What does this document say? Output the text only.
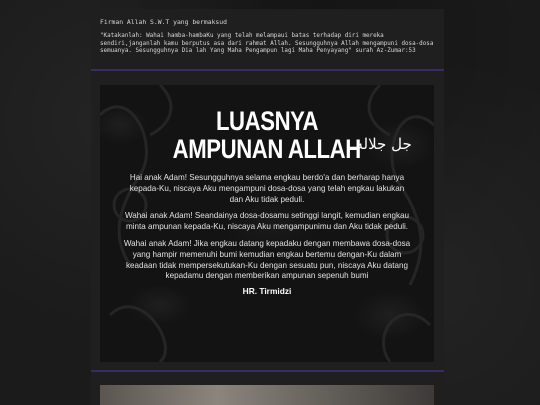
Firman Allah S.W.T yang bermaksud
"Katakanlah: Wahai hamba-hambaKu yang telah melampaui batas terhadap diri mereka sendiri,janganlah kamu berputus asa dari rahmat Allah. Sesungguhnya Allah mengampuni dosa-dosa semuanya. Sesungguhnya Dia lah Yang Maha Pengampun lagi Maha Penyayang" surah Az-Zumar:53
LUASNYA
AMPUNAN ALLAH
جل جلاله
Hai anak Adam! Sesungguhnya selama engkau berdo'a dan berharap hanya kepada-Ku, niscaya Aku mengampuni dosa-dosa yang telah engkau lakukan dan Aku tidak peduli.
Wahai anak Adam! Seandainya dosa-dosamu setinggi langit, kemudian engkau minta ampunan kepada-Ku, niscaya Aku mengampunimu dan Aku tidak peduli.
Wahai anak Adam! Jika engkau datang kepadaku dengan membawa dosa-dosa yang hampir memenuhi bumi kemudian engkau bertemu dengan-Ku dalam keadaan tidak mempersekutukan-Ku dengan sesuatu pun, niscaya Aku datang kepadamu dengan memberikan ampunan sepenuh bumi
HR. Tirmidzi
